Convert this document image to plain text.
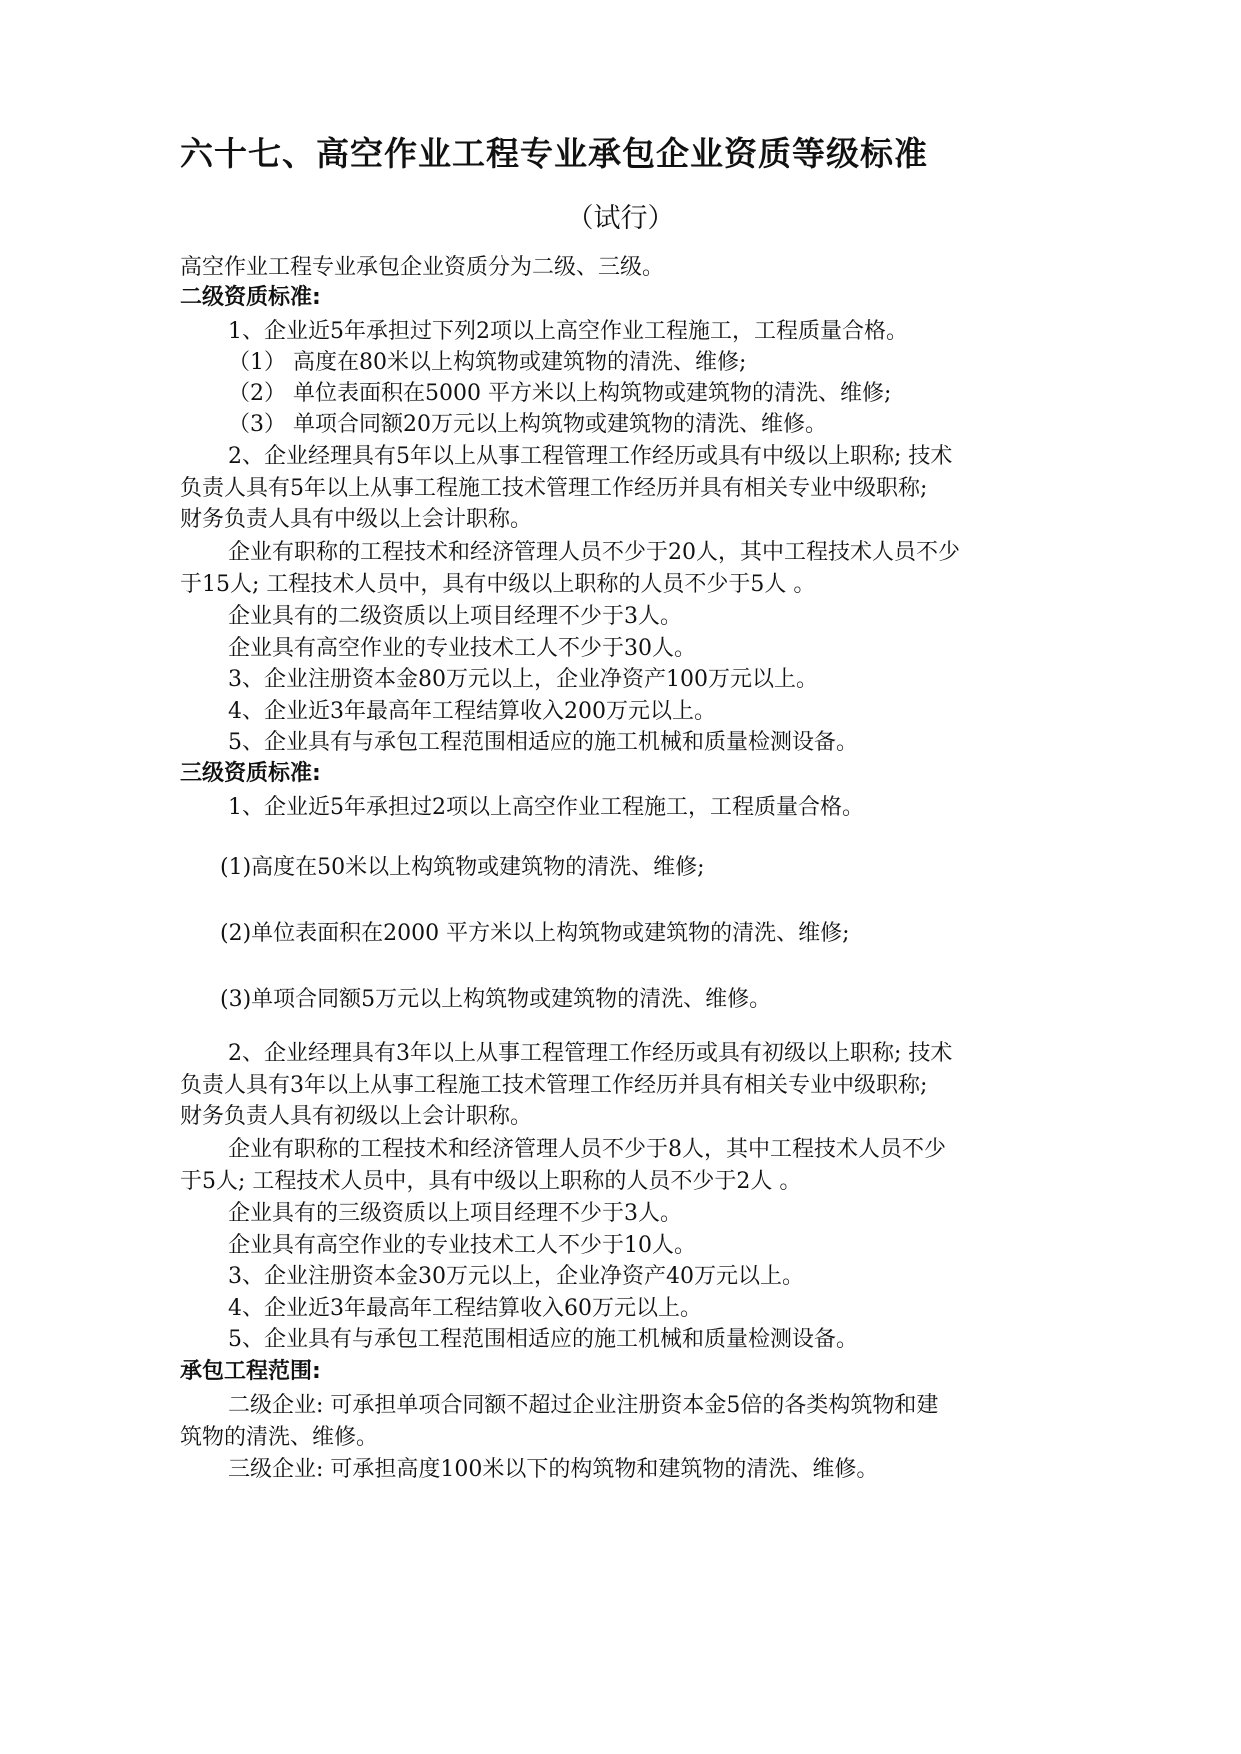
六十七、高空作业工程专业承包企业资质等级标准
（试行）
高空作业工程专业承包企业资质分为二级、三级。
二级资质标准:
1、企业近5年承担过下列2项以上高空作业工程施工，工程质量合格。
（1） 高度在80米以上构筑物或建筑物的清洗、维修;
（2） 单位表面积在5000 平方米以上构筑物或建筑物的清洗、维修;
（3） 单项合同额20万元以上构筑物或建筑物的清洗、维修。
2、企业经理具有5年以上从事工程管理工作经历或具有中级以上职称; 技术
负责人具有5年以上从事工程施工技术管理工作经历并具有相关专业中级职称;
财务负责人具有中级以上会计职称。
企业有职称的工程技术和经济管理人员不少于20人，其中工程技术人员不少
于15人; 工程技术人员中，具有中级以上职称的人员不少于5人 。
企业具有的二级资质以上项目经理不少于3人。
企业具有高空作业的专业技术工人不少于30人。
3、企业注册资本金80万元以上，企业净资产100万元以上。
4、企业近3年最高年工程结算收入200万元以上。
5、企业具有与承包工程范围相适应的施工机械和质量检测设备。
三级资质标准:
1、企业近5年承担过2项以上高空作业工程施工，工程质量合格。
(1)高度在50米以上构筑物或建筑物的清洗、维修;
(2)单位表面积在2000 平方米以上构筑物或建筑物的清洗、维修;
(3)单项合同额5万元以上构筑物或建筑物的清洗、维修。
2、企业经理具有3年以上从事工程管理工作经历或具有初级以上职称; 技术
负责人具有3年以上从事工程施工技术管理工作经历并具有相关专业中级职称;
财务负责人具有初级以上会计职称。
企业有职称的工程技术和经济管理人员不少于8人，其中工程技术人员不少
于5人; 工程技术人员中，具有中级以上职称的人员不少于2人 。
企业具有的三级资质以上项目经理不少于3人。
企业具有高空作业的专业技术工人不少于10人。
3、企业注册资本金30万元以上，企业净资产40万元以上。
4、企业近3年最高年工程结算收入60万元以上。
5、企业具有与承包工程范围相适应的施工机械和质量检测设备。
承包工程范围:
二级企业: 可承担单项合同额不超过企业注册资本金5倍的各类构筑物和建
筑物的清洗、维修。
三级企业: 可承担高度100米以下的构筑物和建筑物的清洗、维修。
